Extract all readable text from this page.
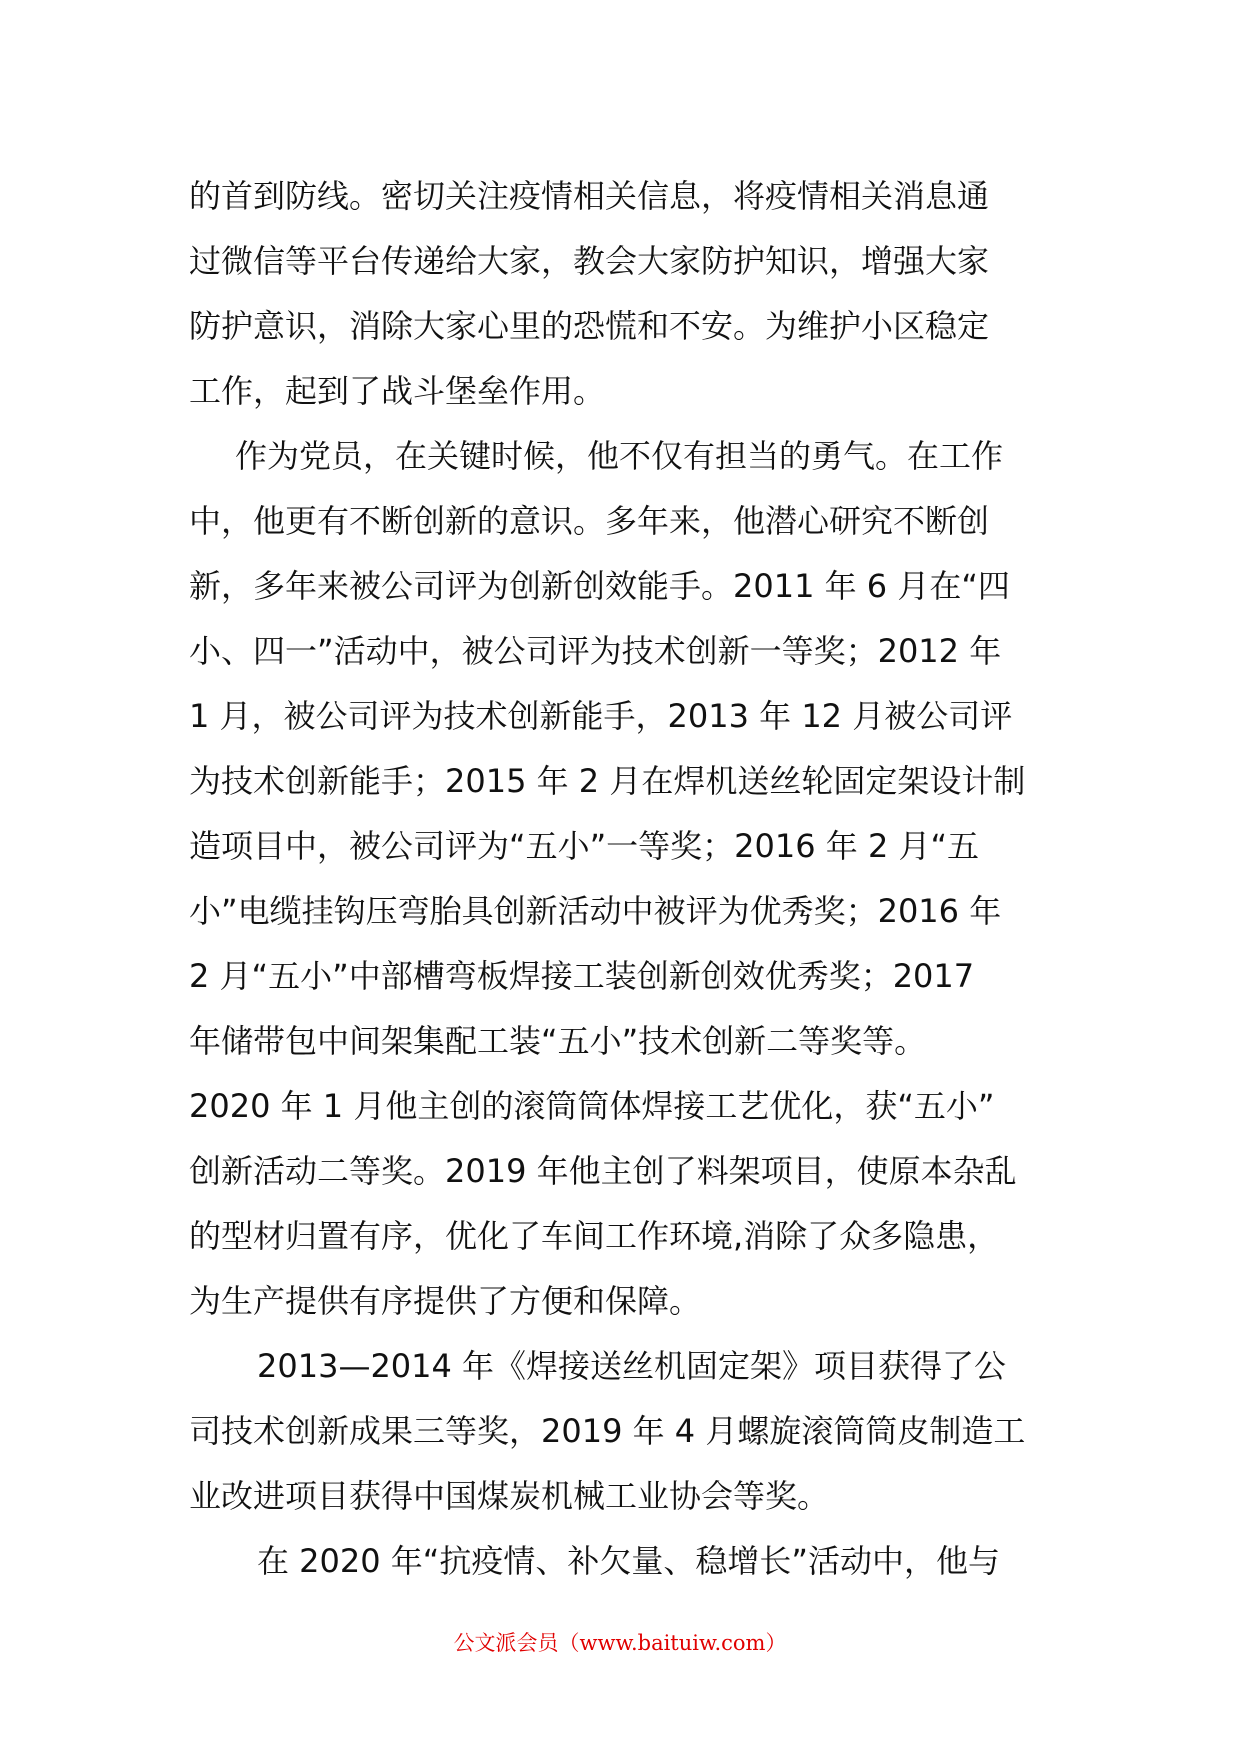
的首到防线。密切关注疫情相关信息，将疫情相关消息通
过微信等平台传递给大家，教会大家防护知识，增强大家
防护意识，消除大家心里的恐慌和不安。为维护小区稳定
工作，起到了战斗堡垒作用。
作为党员，在关键时候，他不仅有担当的勇气。在工作
中，他更有不断创新的意识。多年来，他潜心研究不断创
新，多年来被公司评为创新创效能手。2011 年 6 月在“四
小、四一”活动中，被公司评为技术创新一等奖；2012 年
1 月，被公司评为技术创新能手，2013 年 12 月被公司评
为技术创新能手；2015 年 2 月在焊机送丝轮固定架设计制
造项目中，被公司评为“五小”一等奖；2016 年 2 月“五
小”电缆挂钩压弯胎具创新活动中被评为优秀奖；2016 年
2 月“五小”中部槽弯板焊接工装创新创效优秀奖；2017
年储带包中间架集配工装“五小”技术创新二等奖等。
2020 年 1 月他主创的滚筒筒体焊接工艺优化，获“五小”
创新活动二等奖。2019 年他主创了料架项目，使原本杂乱
的型材归置有序，优化了车间工作环境,消除了众多隐患，
为生产提供有序提供了方便和保障。
2013—2014 年《焊接送丝机固定架》项目获得了公
司技术创新成果三等奖，2019 年 4 月螺旋滚筒筒皮制造工
业改进项目获得中国煤炭机械工业协会等奖。
在 2020 年“抗疫情、补欠量、稳增长”活动中，他与
公文派会员（www.baituiw.com）
